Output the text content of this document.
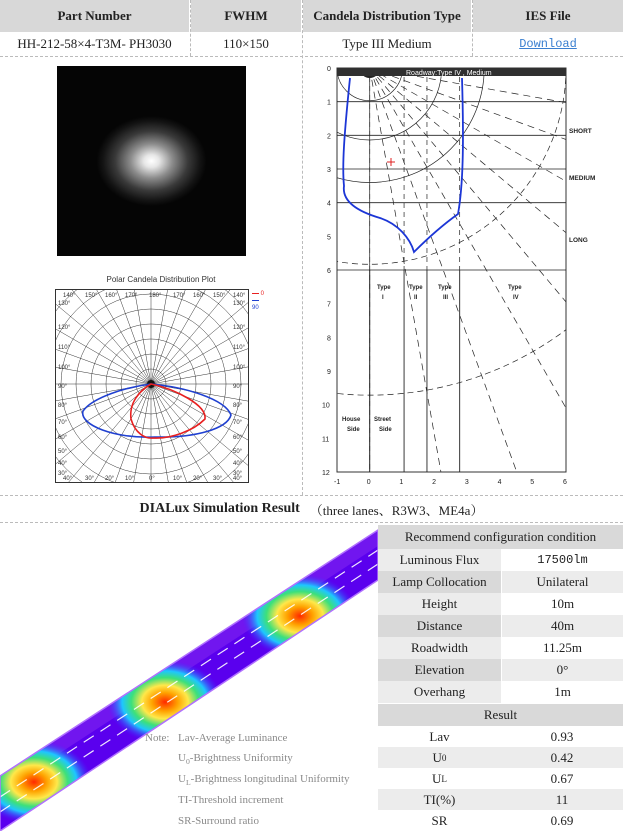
Part Number	FWHM	Candela Distribution Type	IES File
HH-212-58×4-T3M- PH3030	110×150	Type III Medium	Download
Polar Candela Distribution Plot
140° 150° 160° 170° 180° 170° 160° 150° 140°
130°	130°
120°	120°
110°	110°
100°	100°
90°	90°
80°	80°
70°	70°
60°	60°
50°	50°
40°	40°
30°	30°
40° 30° 20° 10° 0°	10° 20° 30° 40°
0
90
Roadway:Type IV , Medium
0
1
2
3
4
5
6
7
8
9
10
11
12
-1	0	1	2	3	4	5	6
SHORT
MEDIUM
LONG
Type
I
Type
II
Type
III
Type
IV
House
Side
Street
Side
DIALux Simulation Result （three lanes、R3W3、ME4a）
Note: Lav-Average Luminance
$U_0$-Brightness Uniformity
$U_L$-Brightness longitudinal Uniformity
TI-Threshold increment
SR-Surround ratio
Recommend configuration condition
Luminous Flux	17500lm
Lamp Collocation	Unilateral
Height	10m
Distance	40m
Roadwidth	11.25m
Elevation	0°
Overhang	1m
Result
Lav	0.93
U 0	0.42
U L	0.67
TI(%)	11
SR	0.69
